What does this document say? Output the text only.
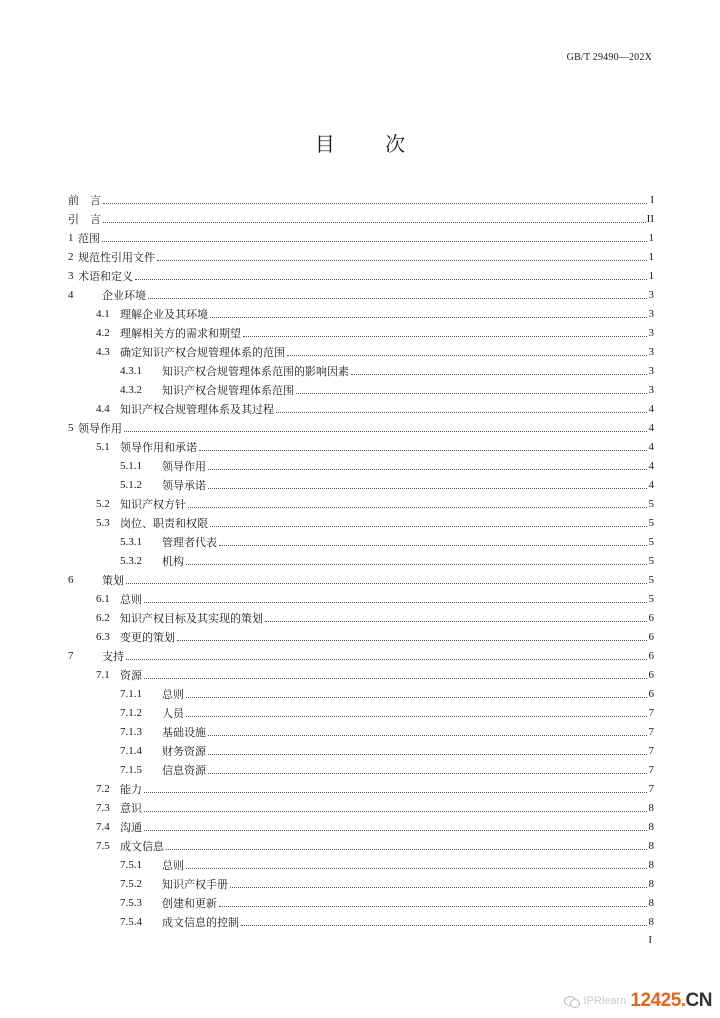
GB/T 29490—202X
目 次
前　言	I
引　言	II
1 范围	1
2 规范性引用文件	1
3 术语和定义	1
4	企业环境	3
4.1 理解企业及其环境	3
4.2 理解相关方的需求和期望	3
4.3 确定知识产权合规管理体系的范围	3
4.3.1	知识产权合规管理体系范围的影响因素	3
4.3.2	知识产权合规管理体系范围	3
4.4 知识产权合规管理体系及其过程	4
5 领导作用	4
5.1 领导作用和承诺	4
5.1.1	领导作用	4
5.1.2	领导承诺	4
5.2 知识产权方针	5
5.3 岗位、职责和权限	5
5.3.1	管理者代表	5
5.3.2	机构	5
6	策划	5
6.1 总则	5
6.2 知识产权目标及其实现的策划	6
6.3 变更的策划	6
7	支持	6
7.1 资源	6
7.1.1	总则	6
7.1.2	人员	7
7.1.3	基础设施	7
7.1.4	财务资源	7
7.1.5	信息资源	7
7.2 能力	7
7.3 意识	8
7.4 沟通	8
7.5 成文信息	8
7.5.1	总则	8
7.5.2	知识产权手册	8
7.5.3	创建和更新	8
7.5.4	成文信息的控制	8
I
IPRlearn 12425.CN
